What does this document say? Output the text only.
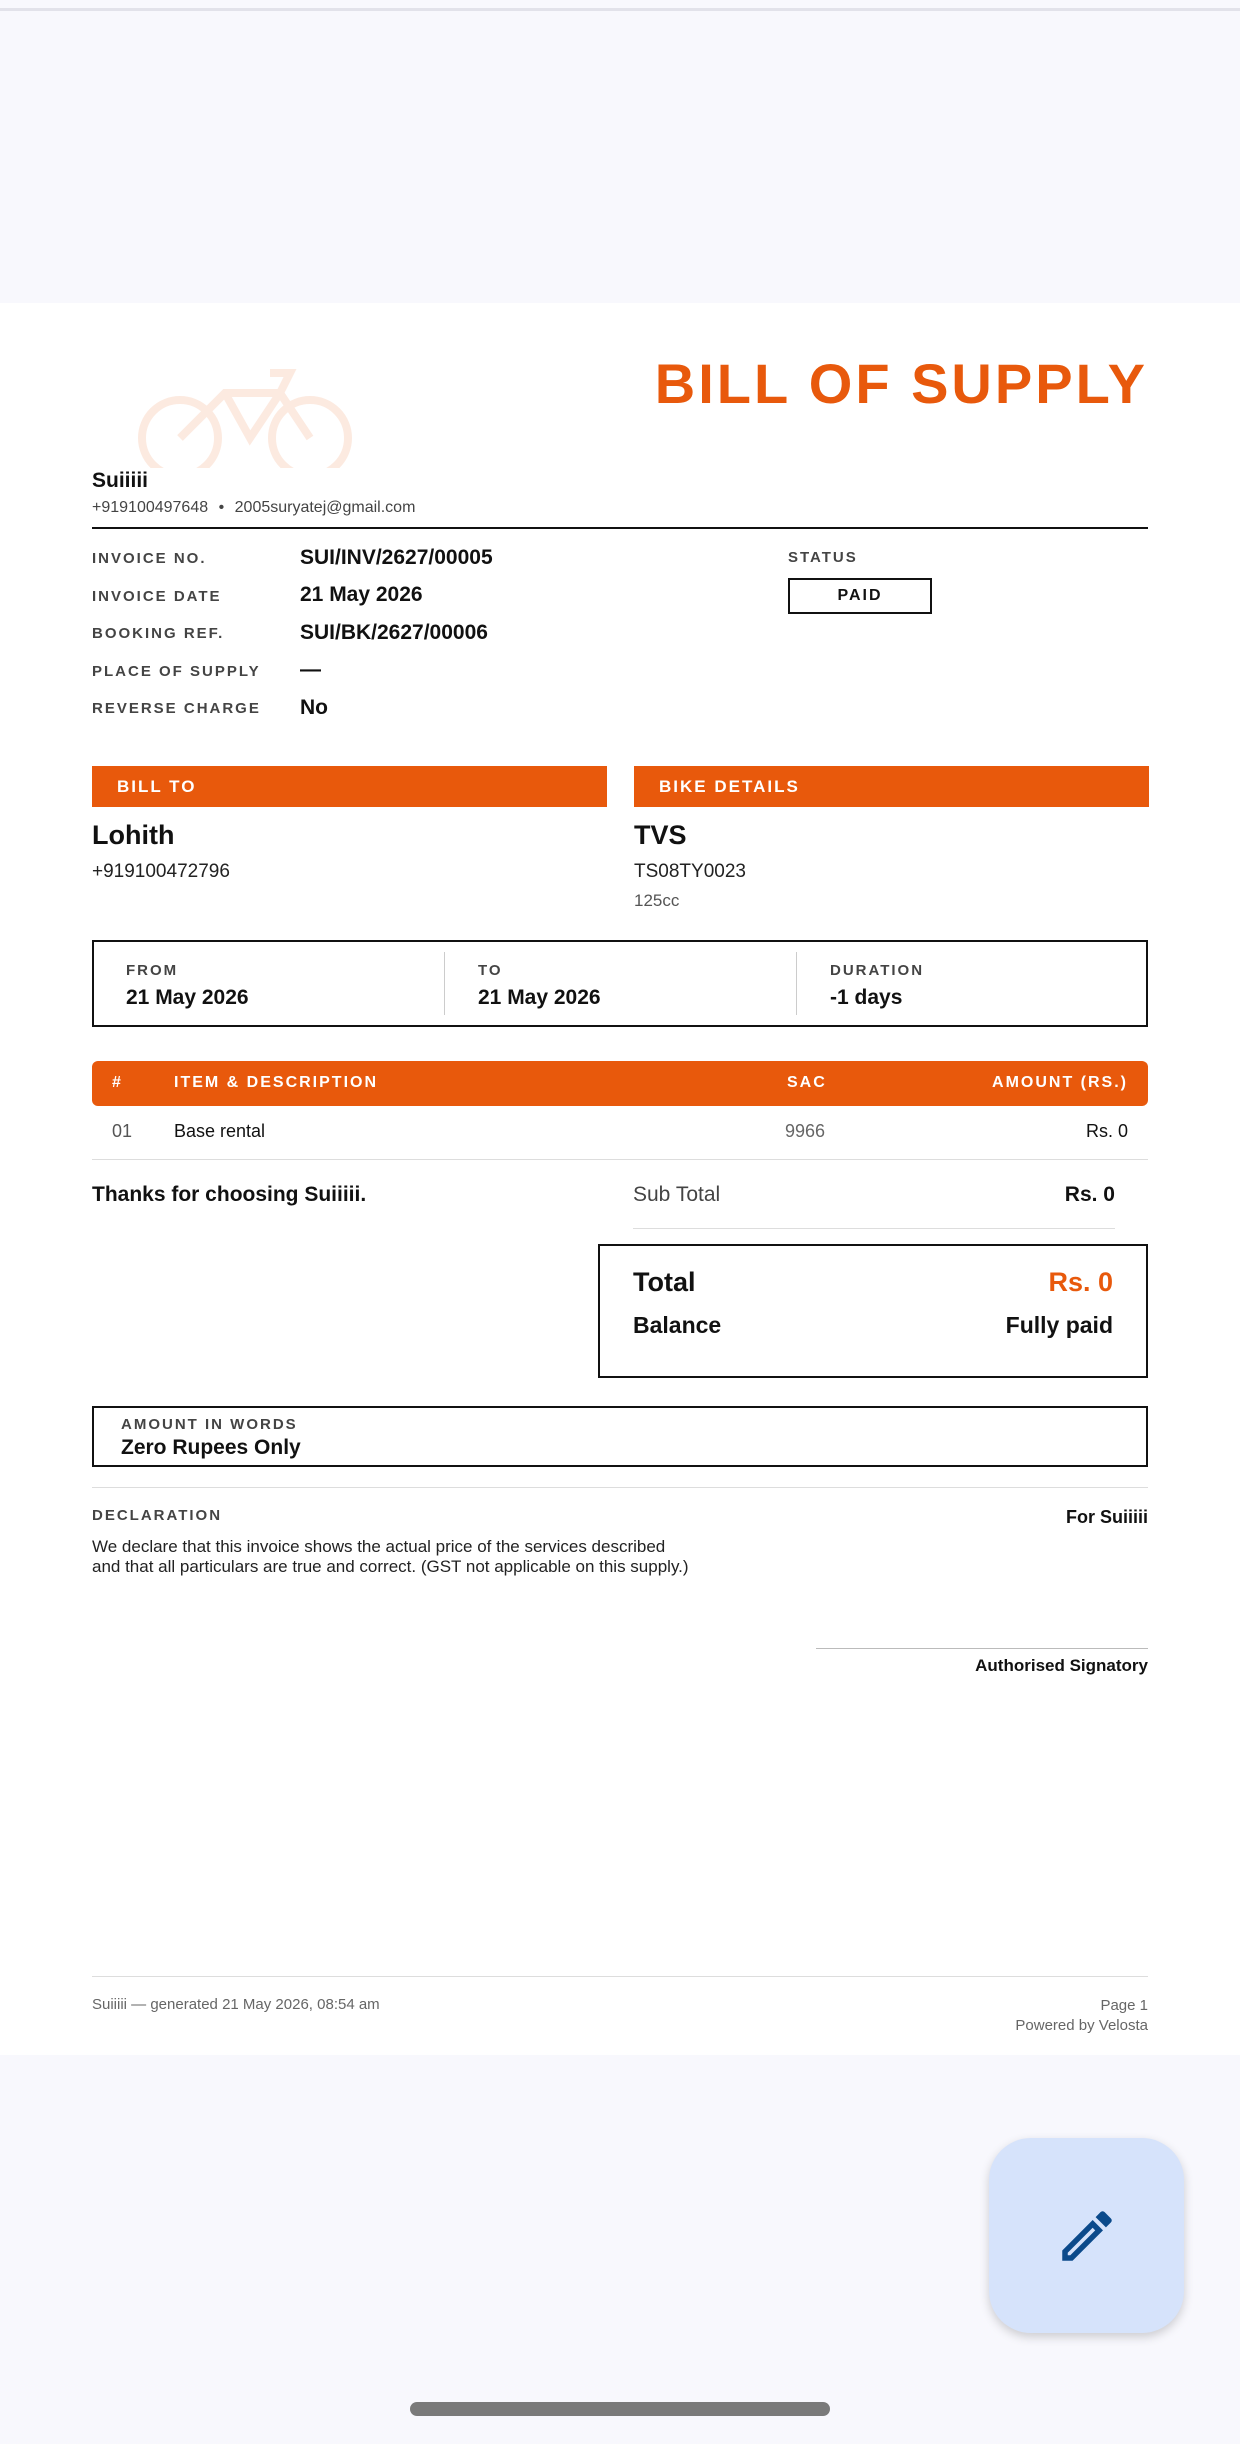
BILL OF SUPPLY
Suiiiii
+919100497648 • 2005suryatej@gmail.com
INVOICE NO.	SUI/INV/2627/00005
INVOICE DATE	21 May 2026
BOOKING REF.	SUI/BK/2627/00006
PLACE OF SUPPLY —
REVERSE CHARGE No
STATUS
PAID
BILL TO	BIKE DETAILS
Lohith
+919100472796
TVS
TS08TY0023
125cc
FROM
21 May 2026
TO
21 May 2026
DURATION
-1 days
#	ITEM & DESCRIPTION	SAC	AMOUNT (RS.)
01 Base rental	9966	Rs. 0
Thanks for choosing Suiiiii.	Sub Total	Rs. 0
Total	Rs. 0
Balance	Fully paid
AMOUNT IN WORDS
Zero Rupees Only
DECLARATION
We declare that this invoice shows the actual price of the services described
and that all particulars are true and correct. (GST not applicable on this supply.)
For Suiiiii
Authorised Signatory
Suiiiii — generated 21 May 2026, 08:54 am	Page 1
Powered by Velosta
